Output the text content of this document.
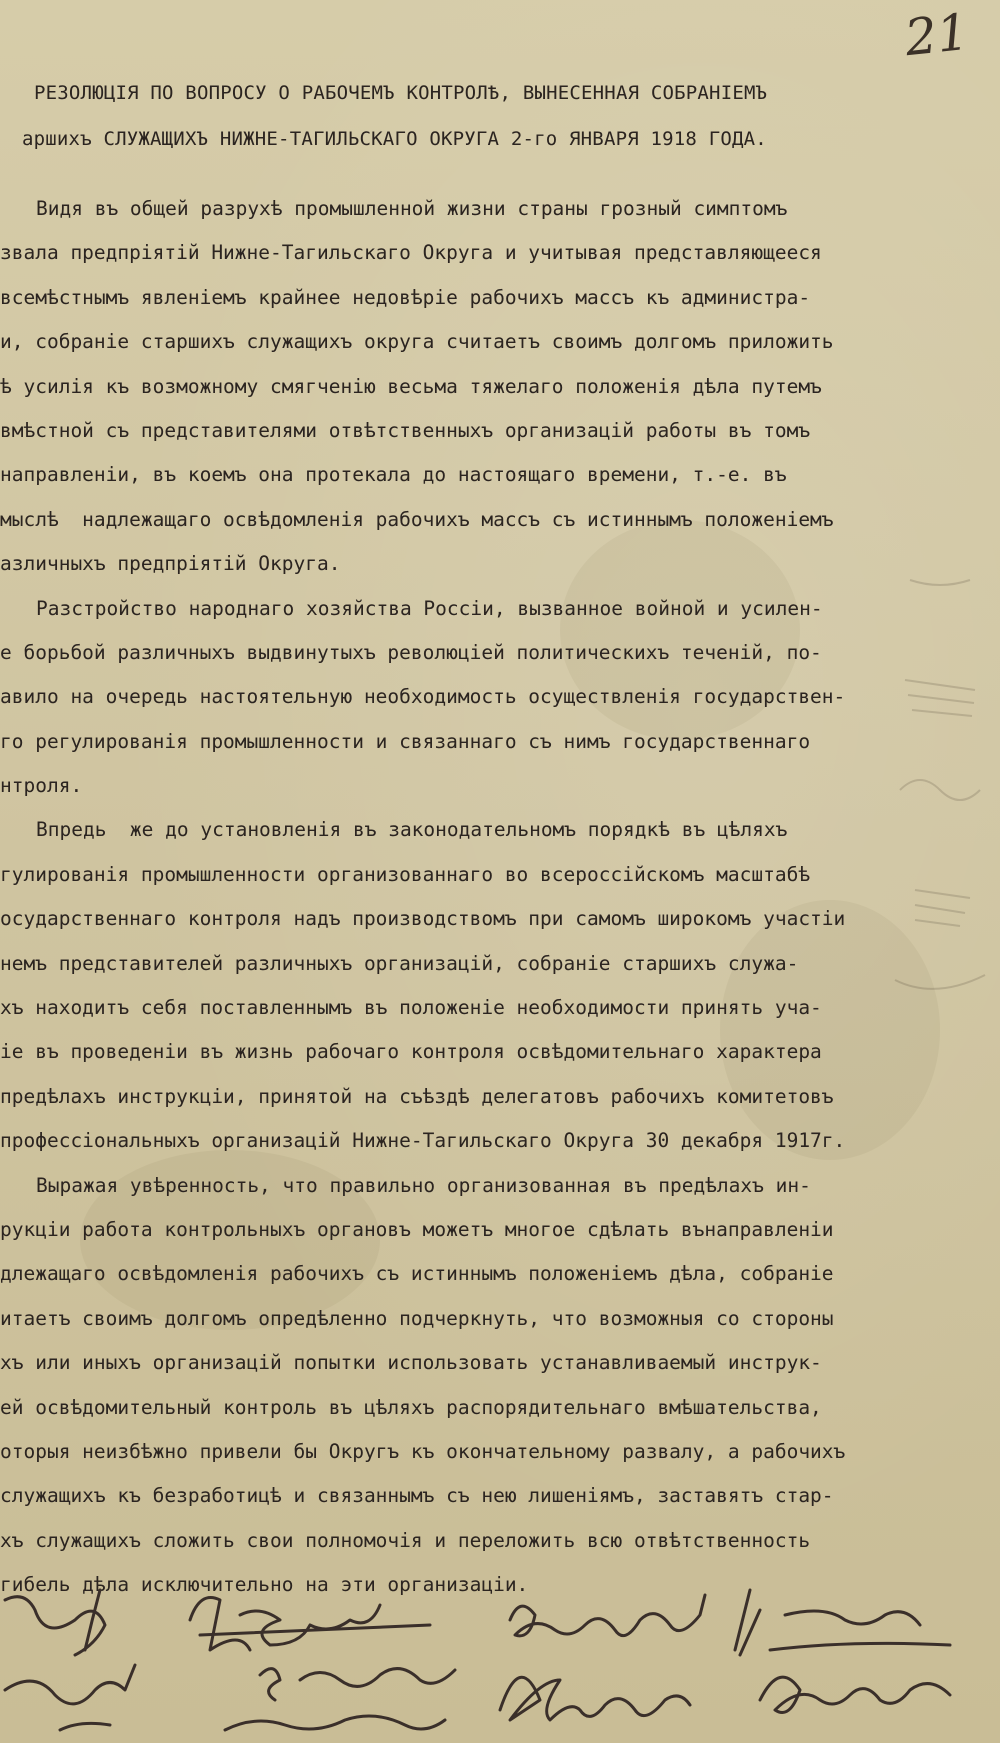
21
РЕЗОЛЮЦIЯ ПО ВОПРОСУ О РАБОЧЕМЪ КОНТРОЛѢ, ВЫНЕСЕННАЯ СОБРАНIЕМЪ
аршихъ СЛУЖАЩИХЪ НИЖНЕ-ТАГИЛЬСКАГО ОКРУГА 2-го ЯНВАРЯ 1918 ГОДА.
Видя въ общей разрухѣ промышленной жизни страны грозный симптомъ
звала предпрiятiй Нижне-Тагильскаго Округа и учитывая представляющееся
всемѣстнымъ явленiемъ крайнее недовѣрiе рабочихъ массъ къ администра-
и, собранiе старшихъ служащихъ округа считаетъ своимъ долгомъ приложить
ѣ усилiя къ возможному смягченiю весьма тяжелаго положенiя дѣла путемъ
вмѣстной съ представителями отвѣтственныхъ организацiй работы въ томъ
направленiи, въ коемъ она протекала до настоящаго времени, т.-е. въ
мыслѣ  надлежащаго освѣдомленiя рабочихъ массъ съ истиннымъ положенiемъ
азличныхъ предпрiятiй Округа.
Разстройство народнаго хозяйства Россiи, вызванное войной и усилен-
е борьбой различныхъ выдвинутыхъ революцiей политическихъ теченiй, по-
авило на очередь настоятельную необходимость осуществленiя государствен-
го регулированiя промышленности и связаннаго съ нимъ государственнаго
нтроля.
Впредь  же до установленiя въ законодательномъ порядкѣ въ цѣляхъ
гулированiя промышленности организованнаго во всероссiйскомъ масштабѣ
осударственнаго контроля надъ производствомъ при самомъ широкомъ участiи
немъ представителей различныхъ организацiй, собранiе старшихъ служа-
хъ находитъ себя поставленнымъ въ положенiе необходимости принять уча-
iе въ проведенiи въ жизнь рабочаго контроля освѣдомительнаго характера
предѣлахъ инструкцiи, принятой на съѣздѣ делегатовъ рабочихъ комитетовъ
профессiональныхъ организацiй Нижне-Тагильскаго Округа 30 декабря 1917г.
Выражая увѣренность, что правильно организованная въ предѣлахъ ин-
рукцiи работа контрольныхъ органовъ можетъ многое сдѣлать вънаправленiи
длежащаго освѣдомленiя рабочихъ съ истиннымъ положенiемъ дѣла, собранiе
итаетъ своимъ долгомъ опредѣленно подчеркнуть, что возможныя со стороны
хъ или иныхъ организацiй попытки использовать устанавливаемый инструк-
ей освѣдомительный контроль въ цѣляхъ распорядительнаго вмѣшательства,
оторыя неизбѣжно привели бы Округъ къ окончательному развалу, а рабочихъ
служащихъ къ безработицѣ и связаннымъ съ нею лишенiямъ, заставятъ стар-
хъ служащихъ сложить свои полномочiя и переложить всю отвѣтственность
гибель дѣла исключительно на эти организацiи.
